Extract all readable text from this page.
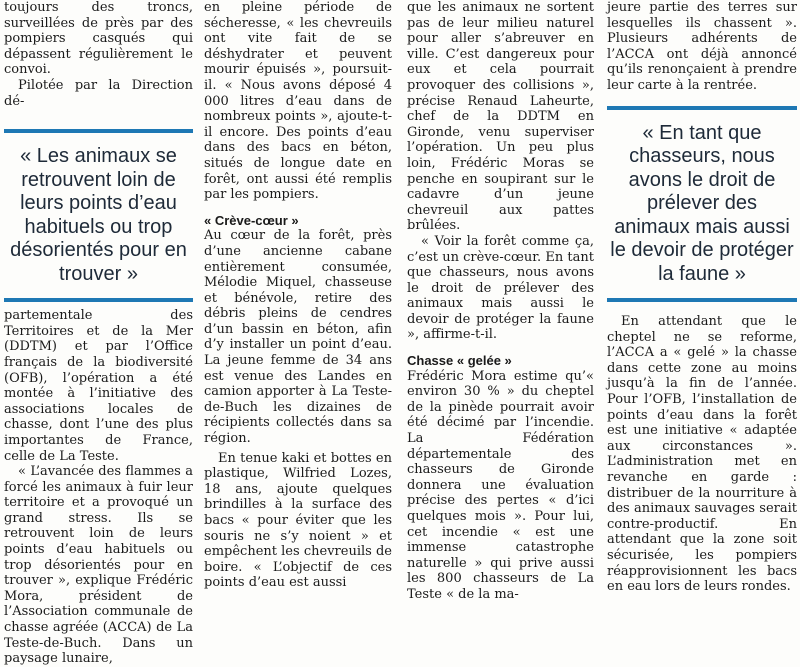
toujours des troncs, surveillées de près par des pompiers casqués qui dépassent régulièrement le convoi.

Pilotée par la Direction dé-

« Les animaux se retrouvent loin de leurs points d’eau habituels ou trop désorientés pour en trouver »

partementale des Territoires et de la Mer (DDTM) et par l’Office français de la biodiversité (OFB), l’opération a été montée à l’initiative des associations locales de chasse, dont l’une des plus importantes de France, celle de La Teste.

« L’avancée des flammes a forcé les animaux à fuir leur territoire et a provoqué un grand stress. Ils se retrouvent loin de leurs points d’eau habituels ou trop désorientés pour en trouver », explique Frédéric Mora, président de l’Association communale de chasse agréée (ACCA) de La Teste-de-Buch. Dans un paysage lunaire,

en pleine période de sécheresse, « les chevreuils ont vite fait de se déshydrater et peuvent mourir épuisés », poursuit-il. « Nous avons déposé 4 000 litres d’eau dans de nombreux points », ajoute-t-il encore. Des points d’eau dans des bacs en béton, situés de longue date en forêt, ont aussi été remplis par les pompiers.

« Crève-cœur »

Au cœur de la forêt, près d’une ancienne cabane entièrement consumée, Mélodie Miquel, chasseuse et bénévole, retire des débris pleins de cendres d’un bassin en béton, afin d’y installer un point d’eau. La jeune femme de 34 ans est venue des Landes en camion apporter à La Teste-de-Buch les dizaines de récipients collectés dans sa région.

En tenue kaki et bottes en plastique, Wilfried Lozes, 18 ans, ajoute quelques brindilles à la surface des bacs « pour éviter que les souris ne s’y noient » et empêchent les chevreuils de boire. « L’objectif de ces points d’eau est aussi

que les animaux ne sortent pas de leur milieu naturel pour aller s’abreuver en ville. C’est dangereux pour eux et cela pourrait provoquer des collisions », précise Renaud Laheurte, chef de la DDTM en Gironde, venu superviser l’opération. Un peu plus loin, Frédéric Moras se penche en soupirant sur le cadavre d’un jeune chevreuil aux pattes brûlées.

« Voir la forêt comme ça, c’est un crève-cœur. En tant que chasseurs, nous avons le droit de prélever des animaux mais aussi le devoir de protéger la faune », affirme-t-il.

Chasse « gelée »

Frédéric Mora estime qu’« environ 30 % » du cheptel de la pinède pourrait avoir été décimé par l’incendie. La Fédération départementale des chasseurs de Gironde donnera une évaluation précise des pertes « d’ici quelques mois ». Pour lui, cet incendie « est une immense catastrophe naturelle » qui prive aussi les 800 chasseurs de La Teste « de la ma-

jeure partie des terres sur lesquelles ils chassent ». Plusieurs adhérents de l’ACCA ont déjà annoncé qu’ils renonçaient à prendre leur carte à la rentrée.

« En tant que chasseurs, nous avons le droit de prélever des animaux mais aussi le devoir de protéger la faune »

En attendant que le cheptel ne se reforme, l’ACCA a « gelé » la chasse dans cette zone au moins jusqu’à la fin de l’année. Pour l’OFB, l’installation de points d’eau dans la forêt est une initiative « adaptée aux circonstances ». L’administration met en revanche en garde : distribuer de la nourriture à des animaux sauvages serait contre-productif. En attendant que la zone soit sécurisée, les pompiers réapprovisionnent les bacs en eau lors de leurs rondes.
